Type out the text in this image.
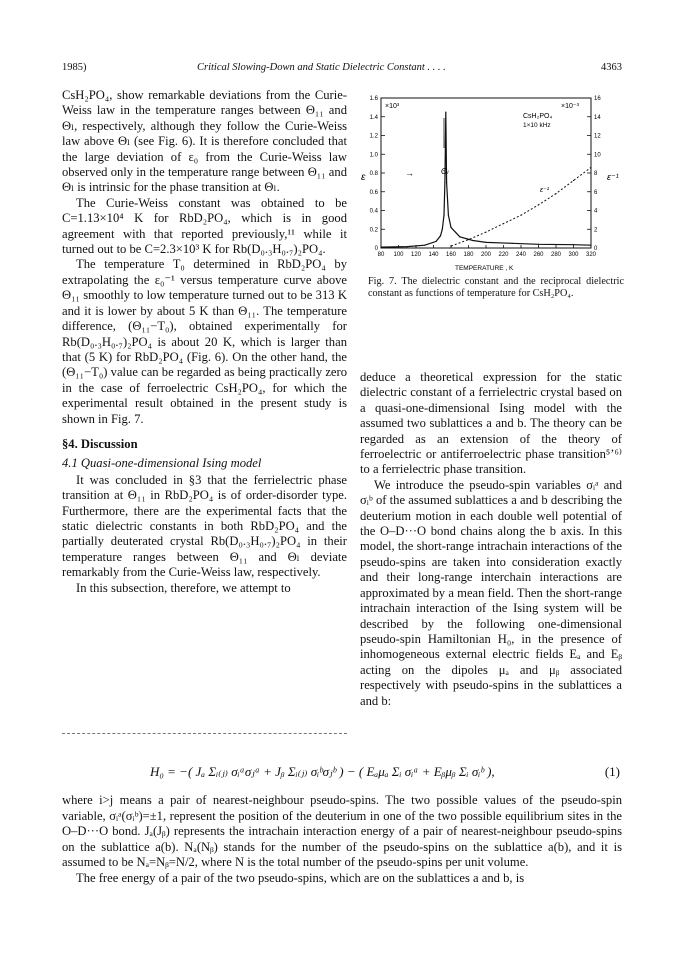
1985)	Critical Slowing-Down and Static Dielectric Constant . . . .	4363

CsH₂PO₄, show remarkable deviations from the Curie-Weiss law in the temperature ranges between Θ₁₁ and Θₗ, respectively, although they follow the Curie-Weiss law above Θₗ (see Fig. 6). It is therefore concluded that the large deviation of ε₀ from the Curie-Weiss law observed only in the temperature range between Θ₁₁ and Θₗ is intrinsic for the phase transition at Θₗ.

The Curie-Weiss constant was obtained to be C=1.13×10⁴ K for RbD₂PO₄, which is in good agreement with that reported previously,¹¹ while it turned out to be C=2.3×10³ K for Rb(D₀.₃H₀.₇)₂PO₄.

The temperature T₀ determined in RbD₂PO₄ by extrapolating the ε₀⁻¹ versus temperature curve above Θ₁₁ smoothly to low temperature turned out to be 313 K and it is lower by about 5 K than Θ₁₁. The temperature difference, (Θ₁₁−T₀), obtained experimentally for Rb(D₀.₃H₀.₇)₂PO₄ is about 20 K, which is larger than that (5 K) for RbD₂PO₄ (Fig. 6). On the other hand, the (Θ₁₁−T₀) value can be regarded as being practically zero in the case of ferroelectric CsH₂PO₄, for which the experimental result obtained in the present study is shown in Fig. 7.

§4. Discussion

4.1 Quasi-one-dimensional Ising model

It was concluded in §3 that the ferrielectric phase transition at Θ₁₁ in RbD₂PO₄ is of order-disorder type. Furthermore, there are the experimental facts that the static dielectric constants in both RbD₂PO₄ and the partially deuterated crystal Rb(D₀.₃H₀.₇)₂PO₄ in their temperature ranges between Θ₁₁ and Θₗ deviate remarkably from the Curie-Weiss law, respectively.

In this subsection, therefore, we attempt to

80 100 120 140 160 180 200 220 240 260 280 300 320
0
0.2
0.4
0.6
0.8
1.0
1.2
1.4
1.6
0
2
4
6
8
10
12
14
16
×10³	×10⁻³
CsH₂PO₄
1×10 kHz
ε	ε⁻¹
→	Θₗ
ε⁻¹
TEMPERATURE , K
Fig. 7. The dielectric constant and the reciprocal dielectric constant as functions of temperature for CsH₂PO₄.

deduce a theoretical expression for the static dielectric constant of a ferrielectric crystal based on a quasi-one-dimensional Ising model with the assumed two sublattices a and b. The theory can be regarded as an extension of the theory of ferroelectric or antiferroelectric phase transition⁵ʼ⁶⁾ to a ferrielectric phase transition.

We introduce the pseudo-spin variables σᵢᵃ and σᵢᵇ of the assumed sublattices a and b describing the deuterium motion in each double well potential of the O–D···O bond chains along the b axis. In this model, the short-range intrachain interactions of the pseudo-spins are taken into consideration exactly and their long-range interchain interactions are approximated by a mean field. Then the short-range intrachain interaction of the Ising system will be described by the following one-dimensional pseudo-spin Hamiltonian H₀, in the presence of inhomogeneous external electric fields Eₐ and Eᵦ acting on the dipoles μₐ and μᵦ associated respectively with pseudo-spins in the sublattices a and b:

H₀ = −( Jₐ Σᵢ₍ⱼ₎ σᵢᵃσⱼᵃ + Jᵦ Σᵢ₍ⱼ₎ σᵢᵇσⱼᵇ ) − ( Eₐμₐ Σᵢ σᵢᵃ + Eᵦμᵦ Σᵢ σᵢᵇ ),	(1)

where i>j means a pair of nearest-neighbour pseudo-spins. The two possible values of the pseudo-spin variable, σᵢᵃ(σᵢᵇ)=±1, represent the position of the deuterium in one of the two possible equilibrium sites in the O–D···O bond. Jₐ(Jᵦ) represents the intrachain interaction energy of a pair of nearest-neighbour pseudo-spins on the sublattice a(b). Nₐ(Nᵦ) stands for the number of the pseudo-spins on the sublattice a(b), and it is assumed to be Nₐ=Nᵦ=N/2, where N is the total number of the pseudo-spins per unit volume.

The free energy of a pair of the two pseudo-spins, which are on the sublattices a and b, is
